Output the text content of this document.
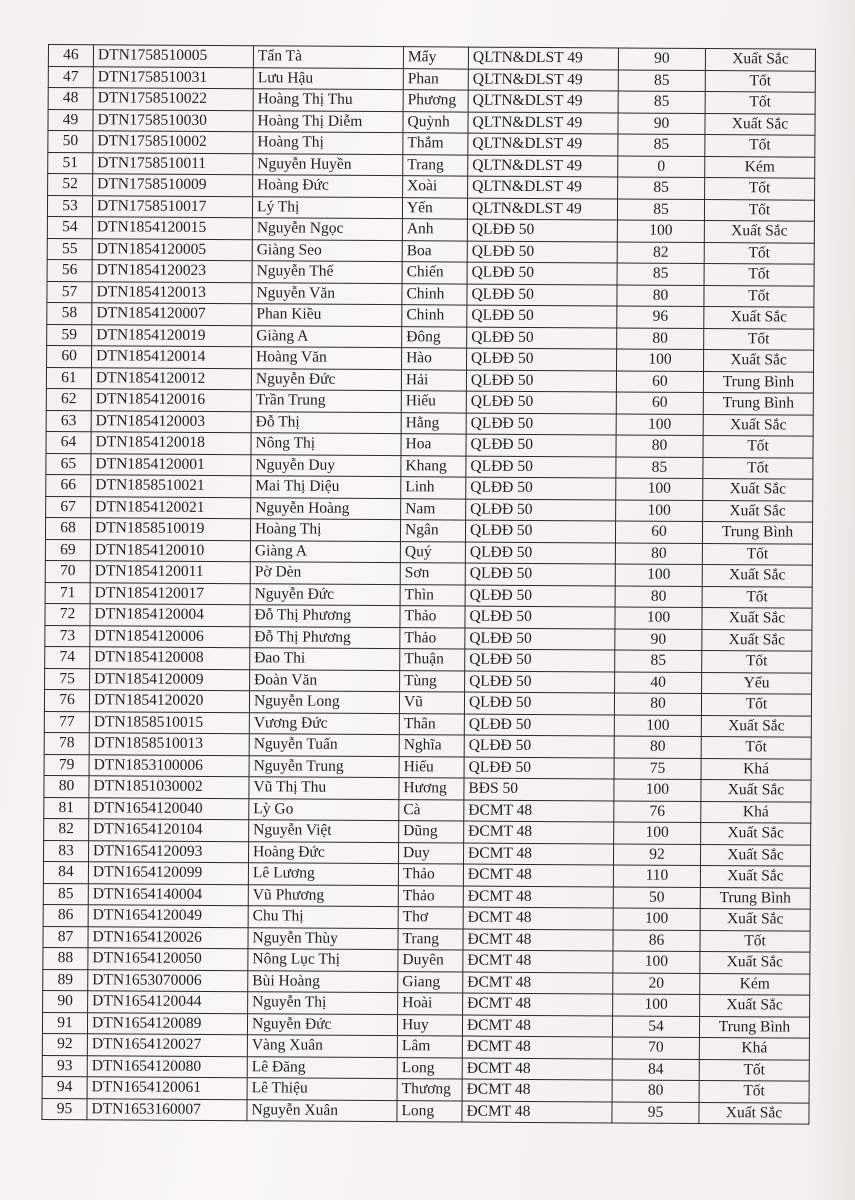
46	DTN1758510005	Tẩn Tà	Mẩy	QLTN&DLST 49	90	Xuất Sắc
47	DTN1758510031	Lưu Hậu	Phan	QLTN&DLST 49	85	Tốt
48	DTN1758510022	Hoàng Thị Thu	Phương	QLTN&DLST 49	85	Tốt
49	DTN1758510030	Hoàng Thị Diễm	Quỳnh	QLTN&DLST 49	90	Xuất Sắc
50	DTN1758510002	Hoàng Thị	Thắm	QLTN&DLST 49	85	Tốt
51	DTN1758510011	Nguyễn Huyền	Trang	QLTN&DLST 49	0	Kém
52	DTN1758510009	Hoàng Đức	Xoài	QLTN&DLST 49	85	Tốt
53	DTN1758510017	Lý Thị	Yến	QLTN&DLST 49	85	Tốt
54	DTN1854120015	Nguyễn Ngọc	Anh	QLĐĐ 50	100	Xuất Sắc
55	DTN1854120005	Giàng Seo	Boa	QLĐĐ 50	82	Tốt
56	DTN1854120023	Nguyễn Thế	Chiến	QLĐĐ 50	85	Tốt
57	DTN1854120013	Nguyễn Văn	Chinh	QLĐĐ 50	80	Tốt
58	DTN1854120007	Phan Kiều	Chinh	QLĐĐ 50	96	Xuất Sắc
59	DTN1854120019	Giàng A	Đông	QLĐĐ 50	80	Tốt
60	DTN1854120014	Hoàng Văn	Hào	QLĐĐ 50	100	Xuất Sắc
61	DTN1854120012	Nguyễn Đức	Hải	QLĐĐ 50	60	Trung Bình
62	DTN1854120016	Trần Trung	Hiếu	QLĐĐ 50	60	Trung Bình
63	DTN1854120003	Đỗ Thị	Hằng	QLĐĐ 50	100	Xuất Sắc
64	DTN1854120018	Nông Thị	Hoa	QLĐĐ 50	80	Tốt
65	DTN1854120001	Nguyễn Duy	Khang	QLĐĐ 50	85	Tốt
66	DTN1858510021	Mai Thị Diệu	Linh	QLĐĐ 50	100	Xuất Sắc
67	DTN1854120021	Nguyễn Hoàng	Nam	QLĐĐ 50	100	Xuất Sắc
68	DTN1858510019	Hoàng Thị	Ngân	QLĐĐ 50	60	Trung Bình
69	DTN1854120010	Giàng A	Quý	QLĐĐ 50	80	Tốt
70	DTN1854120011	Pờ Dèn	Sơn	QLĐĐ 50	100	Xuất Sắc
71	DTN1854120017	Nguyễn Đức	Thìn	QLĐĐ 50	80	Tốt
72	DTN1854120004	Đỗ Thị Phương	Thảo	QLĐĐ 50	100	Xuất Sắc
73	DTN1854120006	Đỗ Thị Phương	Thảo	QLĐĐ 50	90	Xuất Sắc
74	DTN1854120008	Đao Thi	Thuận	QLĐĐ 50	85	Tốt
75	DTN1854120009	Đoàn Văn	Tùng	QLĐĐ 50	40	Yếu
76	DTN1854120020	Nguyễn Long	Vũ	QLĐĐ 50	80	Tốt
77	DTN1858510015	Vương Đức	Thân	QLĐĐ 50	100	Xuất Sắc
78	DTN1858510013	Nguyễn Tuấn	Nghĩa	QLĐĐ 50	80	Tốt
79	DTN1853100006	Nguyễn Trung	Hiếu	QLĐĐ 50	75	Khá
80	DTN1851030002	Vũ Thị Thu	Hương	BĐS 50	100	Xuất Sắc
81	DTN1654120040	Lỳ Go	Cà	ĐCMT 48	76	Khá
82	DTN1654120104	Nguyễn Việt	Dũng	ĐCMT 48	100	Xuất Sắc
83	DTN1654120093	Hoàng Đức	Duy	ĐCMT 48	92	Xuất Sắc
84	DTN1654120099	Lê Lương	Thảo	ĐCMT 48	110	Xuất Sắc
85	DTN1654140004	Vũ Phương	Thảo	ĐCMT 48	50	Trung Bình
86	DTN1654120049	Chu Thị	Thơ	ĐCMT 48	100	Xuất Sắc
87	DTN1654120026	Nguyễn Thùy	Trang	ĐCMT 48	86	Tốt
88	DTN1654120050	Nông Lục Thị	Duyên	ĐCMT 48	100	Xuất Sắc
89	DTN1653070006	Bùi Hoàng	Giang	ĐCMT 48	20	Kém
90	DTN1654120044	Nguyễn Thị	Hoài	ĐCMT 48	100	Xuất Sắc
91	DTN1654120089	Nguyễn Đức	Huy	ĐCMT 48	54	Trung Bình
92	DTN1654120027	Vàng Xuân	Lâm	ĐCMT 48	70	Khá
93	DTN1654120080	Lê Đăng	Long	ĐCMT 48	84	Tốt
94	DTN1654120061	Lê Thiệu	Thương	ĐCMT 48	80	Tốt
95	DTN1653160007	Nguyễn Xuân	Long	ĐCMT 48	95	Xuất Sắc
